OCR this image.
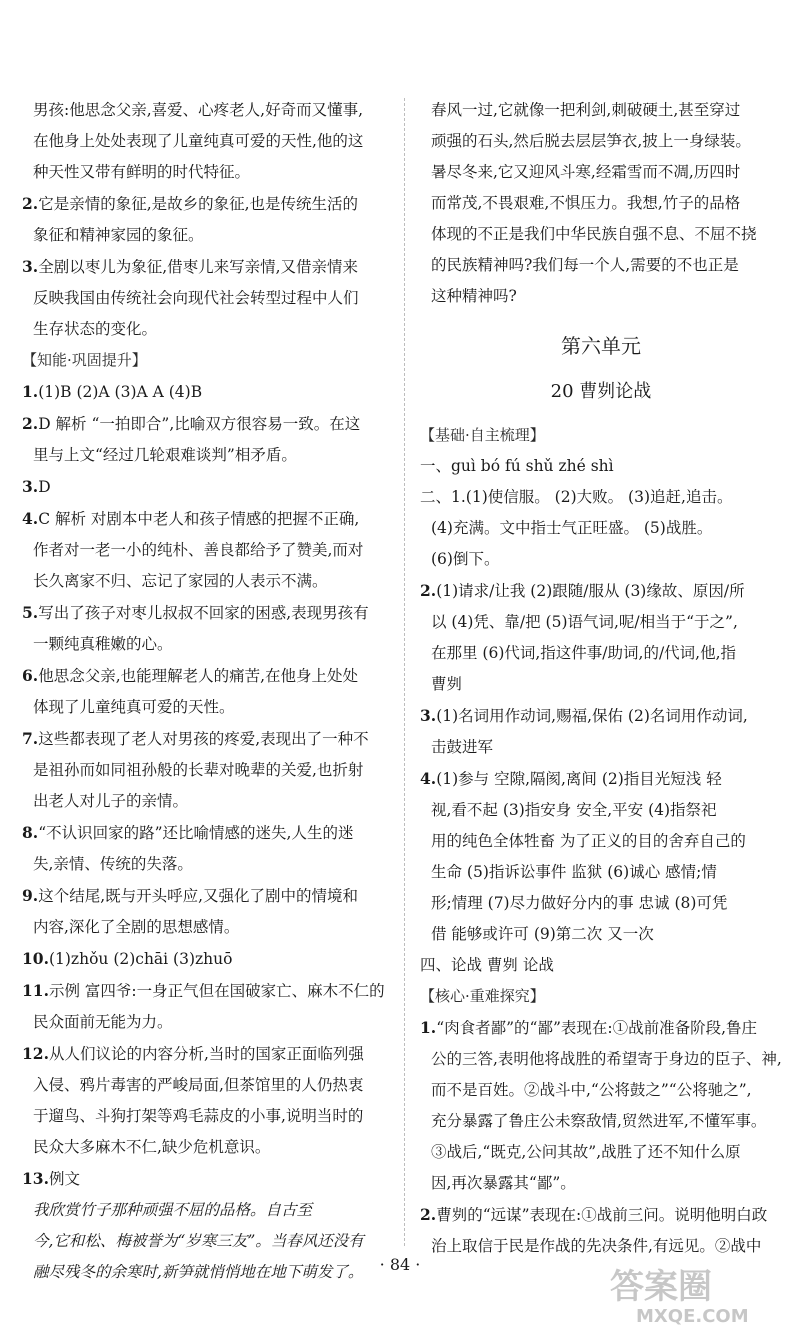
男孩:他思念父亲,喜爱、心疼老人,好奇而又懂事,
在他身上处处表现了儿童纯真可爱的天性,他的这
种天性又带有鲜明的时代特征。
2.它是亲情的象征,是故乡的象征,也是传统生活的
象征和精神家园的象征。
3.全剧以枣儿为象征,借枣儿来写亲情,又借亲情来
反映我国由传统社会向现代社会转型过程中人们
生存状态的变化。
【知能·巩固提升】
1.(1)B (2)A (3)A A (4)B
2.D 解析 “一拍即合”,比喻双方很容易一致。在这
里与上文“经过几轮艰难谈判”相矛盾。
3.D
4.C 解析 对剧本中老人和孩子情感的把握不正确,
作者对一老一小的纯朴、善良都给予了赞美,而对
长久离家不归、忘记了家园的人表示不满。
5.写出了孩子对枣儿叔叔不回家的困惑,表现男孩有
一颗纯真稚嫩的心。
6.他思念父亲,也能理解老人的痛苦,在他身上处处
体现了儿童纯真可爱的天性。
7.这些都表现了老人对男孩的疼爱,表现出了一种不
是祖孙而如同祖孙般的长辈对晚辈的关爱,也折射
出老人对儿子的亲情。
8.“不认识回家的路”还比喻情感的迷失,人生的迷
失,亲情、传统的失落。
9.这个结尾,既与开头呼应,又强化了剧中的情境和
内容,深化了全剧的思想感情。
10.(1)zhǒu (2)chāi (3)zhuō
11.示例 富四爷:一身正气但在国破家亡、麻木不仁的
民众面前无能为力。
12.从人们议论的内容分析,当时的国家正面临列强
入侵、鸦片毒害的严峻局面,但茶馆里的人仍热衷
于遛鸟、斗狗打架等鸡毛蒜皮的小事,说明当时的
民众大多麻木不仁,缺少危机意识。
13.例文
我欣赏竹子那种顽强不屈的品格。自古至
今,它和松、梅被誉为“岁寒三友”。当春风还没有
融尽残冬的余寒时,新笋就悄悄地在地下萌发了。
春风一过,它就像一把利剑,刺破硬土,甚至穿过
顽强的石头,然后脱去层层笋衣,披上一身绿装。
暑尽冬来,它又迎风斗寒,经霜雪而不凋,历四时
而常茂,不畏艰难,不惧压力。我想,竹子的品格
体现的不正是我们中华民族自强不息、不屈不挠
的民族精神吗?我们每一个人,需要的不也正是
这种精神吗?
第六单元
20 曹刿论战
【基础·自主梳理】
一、guì bó fú shǔ zhé shì
二、1.(1)使信服。 (2)大败。 (3)追赶,追击。
(4)充满。文中指士气正旺盛。 (5)战胜。
(6)倒下。
2.(1)请求/让我 (2)跟随/服从 (3)缘故、原因/所
以 (4)凭、靠/把 (5)语气词,呢/相当于“于之”,
在那里 (6)代词,指这件事/助词,的/代词,他,指
曹刿
3.(1)名词用作动词,赐福,保佑 (2)名词用作动词,
击鼓进军
4.(1)参与 空隙,隔阂,离间 (2)指目光短浅 轻
视,看不起 (3)指安身 安全,平安 (4)指祭祀
用的纯色全体牲畜 为了正义的目的舍弃自己的
生命 (5)指诉讼事件 监狱 (6)诚心 感情;情
形;情理 (7)尽力做好分内的事 忠诚 (8)可凭
借 能够或许可 (9)第二次 又一次
四、论战 曹刿 论战
【核心·重难探究】
1.“肉食者鄙”的“鄙”表现在:①战前准备阶段,鲁庄
公的三答,表明他将战胜的希望寄于身边的臣子、神,
而不是百姓。②战斗中,“公将鼓之”“公将驰之”,
充分暴露了鲁庄公未察敌情,贸然进军,不懂军事。
③战后,“既克,公问其故”,战胜了还不知什么原
因,再次暴露其“鄙”。
2.曹刿的“远谋”表现在:①战前三问。说明他明白政
治上取信于民是作战的先决条件,有远见。②战中
· 84 ·
答案圈
MXQE.COM
